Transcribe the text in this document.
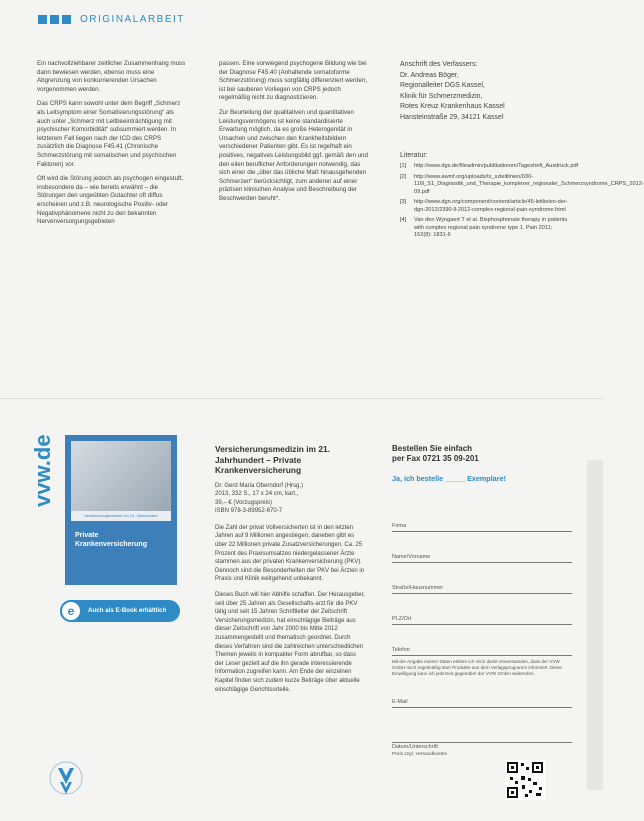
ORIGINALARBEIT

Ein nachvollziehbarer zeitlicher Zusammenhang muss dann bewiesen werden, ebenso muss eine Abgrenzung von konkurrierenden Ursachen vorgenommen werden.

Das CRPS kann sowohl unter dem Begriff „Schmerz als Leitsymptom einer Somatisierungsstörung“ als auch unter „Schmerz mit Leitbeeinträchtigung mit psychischer Komorbidität“ subsummiert werden. In letzterem Fall liegen nach der ICD des CRPS zusätzlich die Diagnose F45.41 (Chronische Schmerzstörung mit somatischen und psychischen Faktoren) vor.

Oft wird die Störung jedoch als psychogen eingestuft, insbesondere da – wie bereits erwähnt – die Störungen den ungeübten Gutachter oft diffus erscheinen und z.B. neurologische Positiv- oder Negativphänomene nicht zu den bekannten Nervenversorgungsgebieten

passen. Eine vorwiegend psychogene Bildung wie bei der Diagnose F45.40 (Anhaltende somatoforme Schmerzstörung) muss sorgfältig differenziert werden, ist bei sauberen Vorliegen von CRPS jedoch regelmäßig nicht zu diagnostizieren.

Zur Beurteilung der qualitativen und quantitativen Leistungsvermögens ist keine standardisierte Erwartung möglich, da es große Heterogenität in Ursachen und zwischen den Krankheitsbildern verschiedener Patienten gibt. Es ist regelhaft ein positives, negatives Leistungsbild ggf. gemäß den und den eilen beruflicher Anforderungen notwendig, das sich einer die „über das übliche Maß hinausgehenden Schmerzen“ berücksichtigt, zum anderen auf einer präzisen klinischen Analyse und Beschreibung der Beschwerden beruht*.

Anschrift des Verfassers:
Dr. Andreas Böger,
Regionalleiter DGS Kassel,
Klinik für Schmerzmedizin,
Rotes Kreuz Krankenhaus Kassel
Hansteinstraße 29, 34121 Kassel
Literatur:
[1]	http://www.dgs.de/fileadmin/publikationen/Tagesheft_Ausdruck.pdf
[2]	http://www.awmf.org/uploads/tx_szleitlinien/030-116l_S1_Diagnostik_und_Therapie_komplexer_regionaler_Schmerzsyndrome_CRPS_2012-09.pdf
[3]	http://www.dgn.org/component/content/article/45-leitlinien-der-dgn-2012/2390-ll-2012-complex-regional-pain-syndrome.html
[4]	Van den Wyngaert T et al. Bisphosphonate therapy in patients with complex regional pain syndrome type 1. Pain 2011; 152(8): 1831-6
vvw.de
Versicherungsmedizin im 21. Jahrhundert
Private Krankenversicherung
e	Auch als E-Book erhältlich
Versicherungsmedizin im 21. Jahrhundert – Private Krankenversicherung
Dr. Gerd Maria Oberndorf (Hrsg.)
2013, 332 S., 17 x 24 cm, kart.,
39,– € (Vorzugspreis)
ISBN 978-3-89952-670-7

Die Zahl der privat Vollversicherten ist in den letzten Jahren auf 9 Millionen angestiegen; daneben gibt es über 22 Millionen private Zusatzversicherungen. Ca. 25 Prozent des Praxisumsatzes niedergelassener Ärzte stammen aus der privaten Krankenversicherung (PKV). Dennoch sind die Besonderheiten der PKV bei Ärzten in Praxis und Klinik weitgehend unbekannt.

Dieses Buch will hier Abhilfe schaffen. Der Herausgeber, seit über 25 Jahren als Gesellschafts-arzt für die PKV tätig und seit 15 Jahren Schriftleiter der Zeitschrift Versicherungsmedizin, hat einschlägige Beiträge aus dieser Zeitschrift von Jahr 2000 bis Mitte 2012 zusammengestellt und thematisch geordnet. Durch dieses Verfahren sind die zahlreichen unterschiedlichen Themen jeweils in kompakter Form abrufbar, so dass der Leser gezielt auf die ihn gerade interessierende Information zugreifen kann. Am Ende der einzelnen Kapitel finden sich zudem kurze Beiträge über aktuelle einschlägige Gerichtsurteile.

Bestellen Sie einfach
per Fax 0721 35 09-201
Ja, ich bestelle _____ Exemplare!
Firma
Name/Vorname
Straße/Hausnummer
PLZ/Ort
Telefon
Mit der Angabe meiner Daten erkläre ich mich damit einverstanden, dass der VVW GmbH mich regelmäßig über Produkte aus dem Verlagsprogramm informiert. Diese Einwilligung kann ich jederzeit gegenüber der VVW GmbH widerrufen.
E-Mail
Datum/Unterschrift
Preis zzgl. Versandkosten
